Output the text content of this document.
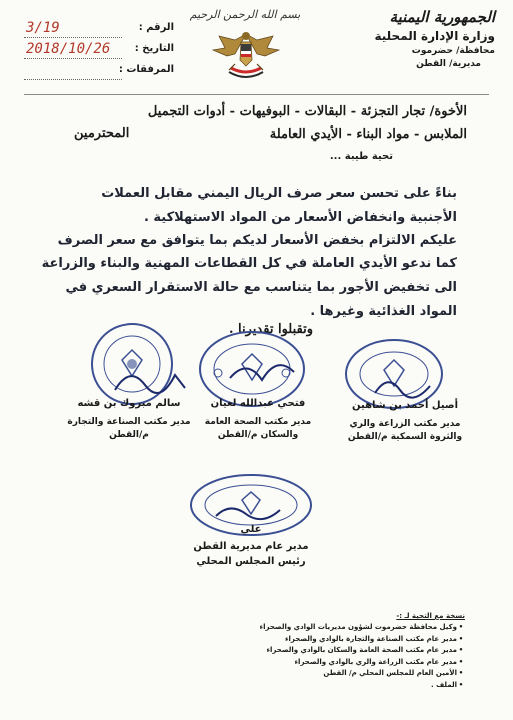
الجمهورية اليمنية
وزارة الإدارة المحلية
محافظة/ حضرموت
مديرية/ القطن
بسم الله الرحمن الرحيم
الرقم :
3/19
التاريخ :
2018/10/26
المرفقات :
الأخوة/ تجار التجزئة - البقالات - البوفيهات - أدوات التجميل
الملابس - مواد البناء - الأيدي العاملة
المحترمين
تحية طيبة ...
بناءً على تحسن سعر صرف الريال اليمني مقابل العملات
الأجنبية وانخفاض الأسعار من المواد الاستهلاكية .
عليكم الالتزام بخفض الأسعار لديكم بما يتوافق مع سعر الصرف
كما ندعو الأيدي العاملة في كل القطاعات المهنية والبناء والزراعة
الى تخفيض الأجور بما يتناسب مع حالة الاستقرار السعري في
المواد الغذائية وغيرها .
وتقبلوا تقديرنا .
سالم مبروك بن قشه
مدير مكتب الصناعة والتجارة
م/القطن
فتحي عبدالله لعيان
مدير مكتب الصحة العامة
والسكان م/القطن
أصيل أحمد بن شاهين
مدير مكتب الزراعة والري
والثروة السمكية م/القطن
علي
مدير عام مديرية القطن
رئيس المجلس المحلي
نسخة مع التحية لـ :-
•وكيل محافظة حضرموت لشؤون مديريات الوادي والصحراء
•مدير عام مكتب الصناعة والتجارة بالوادي والصحراء
•مدير عام مكتب الصحة العامة والسكان بالوادي والصحراء
•مدير عام مكتب الزراعة والري بالوادي والصحراء
•الأمين العام للمجلس المحلي م/ القطن
•الملف .
